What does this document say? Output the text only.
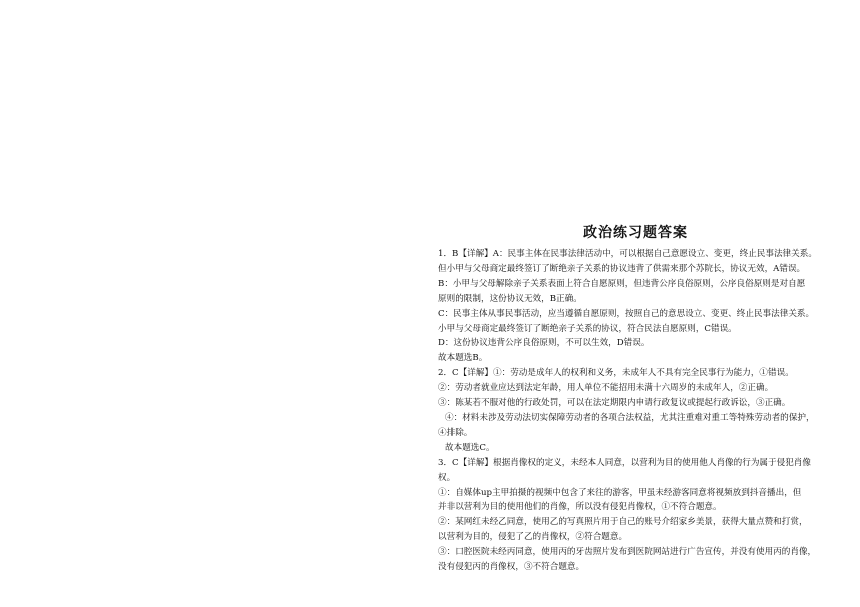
政治练习题答案
1．B【详解】A：民事主体在民事法律活动中，可以根据自己意愿设立、变更，终止民事法律关系。
但小甲与父母商定最终签订了断绝亲子关系的协议违背了供需来那个苏院长，协议无效，A错误。
B：小甲与父母解除亲子关系表面上符合自愿原则，但违背公序良俗原则，公序良俗原则是对自愿
原则的限制，这份协议无效，B正确。
C：民事主体从事民事活动，应当遵循自愿原则，按照自己的意思设立、变更、终止民事法律关系。
小甲与父母商定最终签订了断绝亲子关系的协议，符合民法自愿原则，C错误。
D：这份协议违背公序良俗原则，不可以生效，D错误。
故本题选B。
2．C【详解】①：劳动是成年人的权利和义务，未成年人不具有完全民事行为能力，①错误。
②：劳动者就业应达到法定年龄，用人单位不能招用未满十六周岁的未成年人，②正确。
③：陈某若不服对他的行政处罚，可以在法定期限内申请行政复议或提起行政诉讼，③正确。
④：材料未涉及劳动法切实保障劳动者的各项合法权益，尤其注重难对重工等特殊劳动者的保护，
④排除。
故本题选C。
3．C【详解】根据肖像权的定义，未经本人同意，以营利为目的使用他人肖像的行为属于侵犯肖像
权。
①：自媒体up主甲拍摄的视频中包含了来往的游客，甲虽未经游客同意将视频放到抖音播出，但
并非以营利为目的使用他们的肖像，所以没有侵犯肖像权，①不符合题意。
②：某网红未经乙同意，使用乙的写真照片用于自己的账号介绍家乡美景，获得大量点赞和打赏，
以营利为目的，侵犯了乙的肖像权，②符合题意。
③：口腔医院未经丙同意，使用丙的牙齿照片发布到医院网站进行广告宣传，并没有使用丙的肖像，
没有侵犯丙的肖像权，③不符合题意。
